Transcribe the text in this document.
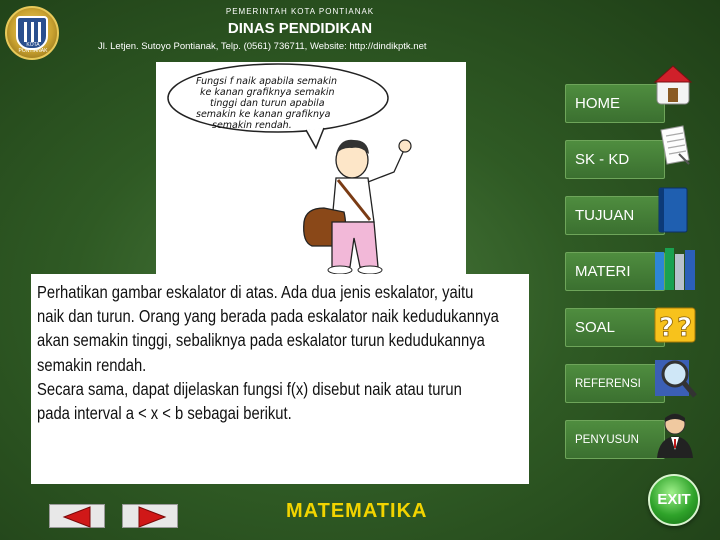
KOTA PONTIANAK
PEMERINTAH KOTA PONTIANAK
DINAS PENDIDIKAN
Jl. Letjen. Sutoyo Pontianak, Telp. (0561) 736711, Website: http://dindikptk.net
Fungsi f naik apabila semakin ke kanan grafiknya semakin tinggi dan turun apabila semakin ke kanan grafiknya semakin rendah.
Perhatikan gambar eskalator di atas. Ada dua jenis eskalator, yaitu
naik dan turun. Orang yang berada pada eskalator naik kedudukannya
akan semakin tinggi, sebaliknya pada eskalator turun kedudukannya
semakin rendah.
Secara sama, dapat dijelaskan fungsi f(x) disebut naik atau turun
pada interval a < x < b sebagai berikut.
HOME
SK - KD
TUJUAN
MATERI
SOAL ? ?
REFERENSI
PENYUSUN
MATEMATIKA
EXIT
